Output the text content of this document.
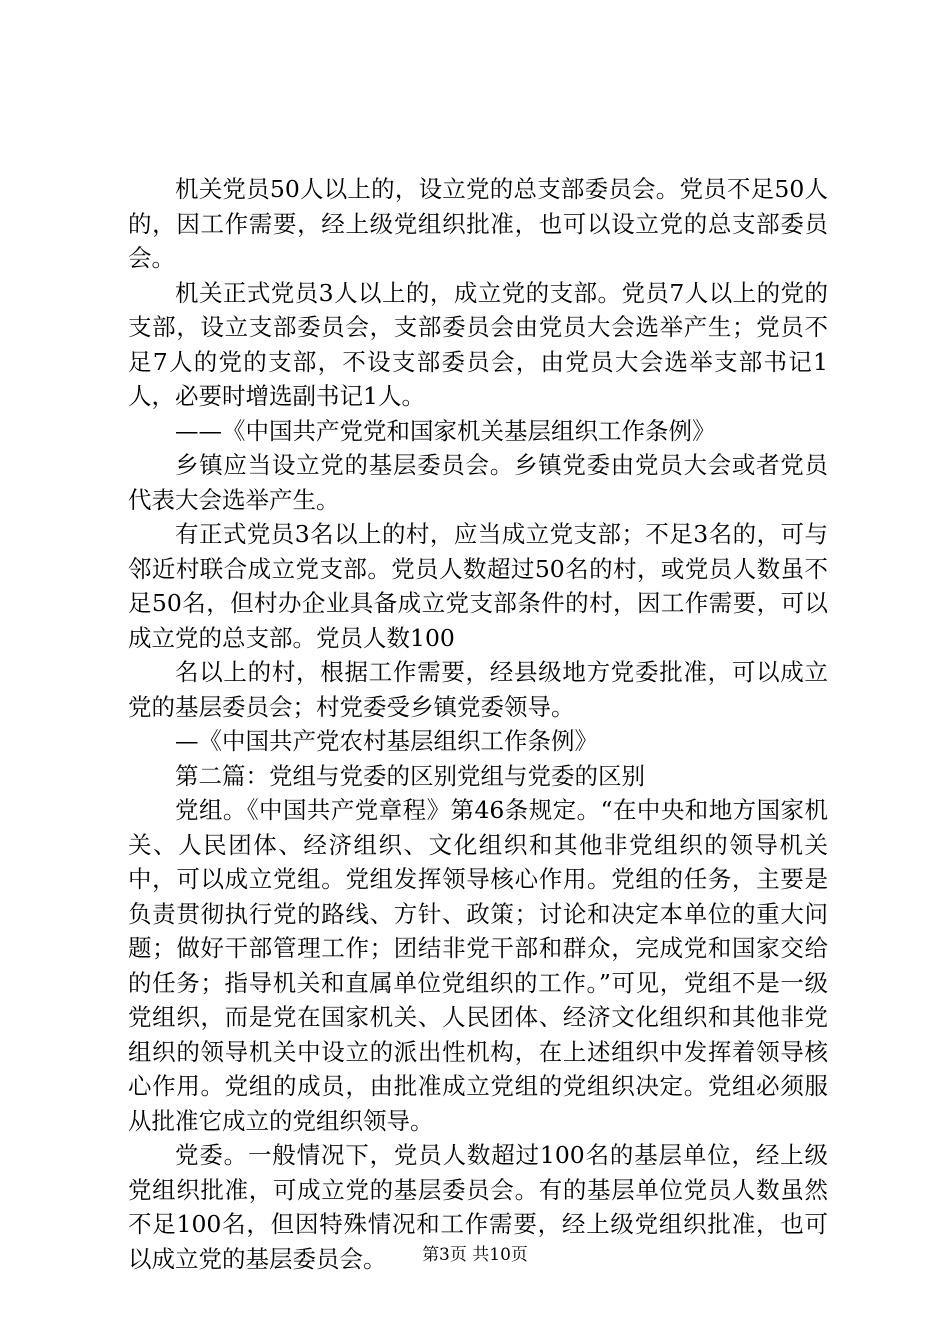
机关党员50人以上的，设立党的总支部委员会。党员不足50人的，因工作需要，经上级党组织批准，也可以设立党的总支部委员会。

机关正式党员3人以上的，成立党的支部。党员7人以上的党的支部，设立支部委员会，支部委员会由党员大会选举产生；党员不足7人的党的支部，不设支部委员会，由党员大会选举支部书记1人，必要时增选副书记1人。

——《中国共产党党和国家机关基层组织工作条例》

乡镇应当设立党的基层委员会。乡镇党委由党员大会或者党员代表大会选举产生。

有正式党员3名以上的村，应当成立党支部；不足3名的，可与邻近村联合成立党支部。党员人数超过50名的村，或党员人数虽不足50名，但村办企业具备成立党支部条件的村，因工作需要，可以成立党的总支部。党员人数100

名以上的村，根据工作需要，经县级地方党委批准，可以成立党的基层委员会；村党委受乡镇党委领导。

—《中国共产党农村基层组织工作条例》

第二篇：党组与党委的区别党组与党委的区别

党组。《中国共产党章程》第46条规定。“在中央和地方国家机关、人民团体、经济组织、文化组织和其他非党组织的领导机关中，可以成立党组。党组发挥领导核心作用。党组的任务，主要是负责贯彻执行党的路线、方针、政策；讨论和决定本单位的重大问题；做好干部管理工作；团结非党干部和群众，完成党和国家交给的任务；指导机关和直属单位党组织的工作。”可见，党组不是一级党组织，而是党在国家机关、人民团体、经济文化组织和其他非党组织的领导机关中设立的派出性机构，在上述组织中发挥着领导核心作用。党组的成员，由批准成立党组的党组织决定。党组必须服从批准它成立的党组织领导。

党委。一般情况下，党员人数超过100名的基层单位，经上级党组织批准，可成立党的基层委员会。有的基层单位党员人数虽然不足100名，但因特殊情况和工作需要，经上级党组织批准，也可以成立党的基层委员会。	第3页 共10页
